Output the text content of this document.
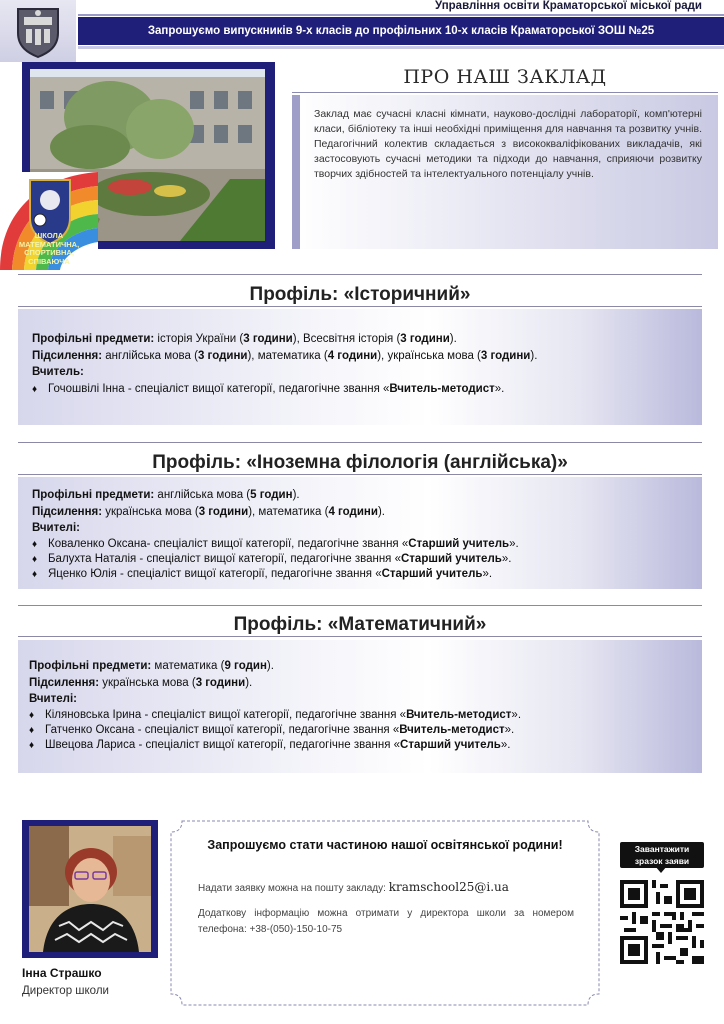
Управління освіти Краматорської міської ради
Запрошуємо випускників 9-х класів до профільних 10-х класів Краматорської ЗОШ №25
ШКОЛА
МАТЕМАТИЧНА,
СПОРТИВНА,
СПІВАЮЧА
ПРО НАШ ЗАКЛАД
Заклад має сучасні класні кімнати, науково-дослідні лабораторії, комп'ютерні класи, бібліотеку та інші необхідні приміщення для навчання та розвитку учнів. Педагогічний колектив складається з висококваліфікованих викладачів, які застосовують сучасні методики та підходи до навчання, сприяючи розвитку творчих здібностей та інтелектуального потенціалу учнів.
Профіль: «Історичний»
Профільні предмети: історія України (3 години), Всесвітня історія (3 години).
Підсилення: англійська мова (3 години), математика (4 години), українська мова (3 години).
Вчитель:
♦ Гочошвілі Інна - спеціаліст вищої категорії, педагогічне звання «Вчитель-методист».
Профіль: «Іноземна філологія (англійська)»
Профільні предмети: англійська мова (5 годин).
Підсилення: українська мова (3 години), математика (4 години).
Вчителі:
♦ Коваленко Оксана- спеціаліст вищої категорії, педагогічне звання «Старший учитель».
♦ Балухта Наталія - спеціаліст вищої категорії, педагогічне звання «Старший учитель».
♦ Яценко Юлія - спеціаліст вищої категорії, педагогічне звання «Старший учитель».
Профіль: «Математичний»
Профільні предмети: математика (9 годин).
Підсилення: українська мова (3 години).
Вчителі:
♦ Кіляновська Ірина - спеціаліст вищої категорії, педагогічне звання «Вчитель-методист».
♦ Гатченко Оксана - спеціаліст вищої категорії, педагогічне звання «Вчитель-методист».
♦ Швецова Лариса - спеціаліст вищої категорії, педагогічне звання «Старший учитель».
Інна Страшко
Директор школи
Запрошуємо стати частиною нашої освітянської родини!
Надати заявку можна на пошту закладу: kramschool25@i.ua
Додаткову інформацію можна отримати у директора школи за номером телефона: +38-(050)-150-10-75
Завантажити зразок заяви
